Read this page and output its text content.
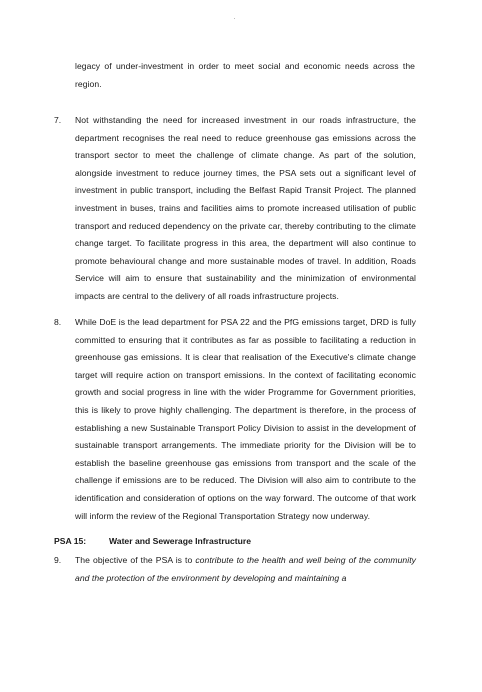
legacy of under-investment in order to meet social and economic needs across the region.
7. Not withstanding the need for increased investment in our roads infrastructure, the department recognises the real need to reduce greenhouse gas emissions across the transport sector to meet the challenge of climate change. As part of the solution, alongside investment to reduce journey times, the PSA sets out a significant level of investment in public transport, including the Belfast Rapid Transit Project. The planned investment in buses, trains and facilities aims to promote increased utilisation of public transport and reduced dependency on the private car, thereby contributing to the climate change target. To facilitate progress in this area, the department will also continue to promote behavioural change and more sustainable modes of travel. In addition, Roads Service will aim to ensure that sustainability and the minimization of environmental impacts are central to the delivery of all roads infrastructure projects.
8. While DoE is the lead department for PSA 22 and the PfG emissions target, DRD is fully committed to ensuring that it contributes as far as possible to facilitating a reduction in greenhouse gas emissions. It is clear that realisation of the Executive's climate change target will require action on transport emissions. In the context of facilitating economic growth and social progress in line with the wider Programme for Government priorities, this is likely to prove highly challenging. The department is therefore, in the process of establishing a new Sustainable Transport Policy Division to assist in the development of sustainable transport arrangements. The immediate priority for the Division will be to establish the baseline greenhouse gas emissions from transport and the scale of the challenge if emissions are to be reduced. The Division will also aim to contribute to the identification and consideration of options on the way forward. The outcome of that work will inform the review of the Regional Transportation Strategy now underway.
PSA 15:	Water and Sewerage Infrastructure
9. The objective of the PSA is to contribute to the health and well being of the community and the protection of the environment by developing and maintaining a
